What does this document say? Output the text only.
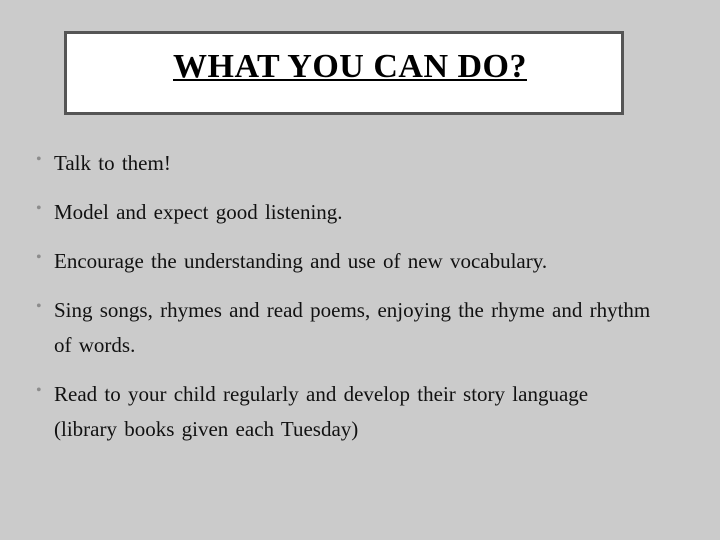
WHAT YOU CAN DO?
• Talk to them!
• Model and expect good listening.
• Encourage the understanding and use of new vocabulary.
• Sing songs, rhymes and read poems, enjoying the rhyme and rhythm of words.
• Read to your child regularly and develop their story language (library books given each Tuesday)
